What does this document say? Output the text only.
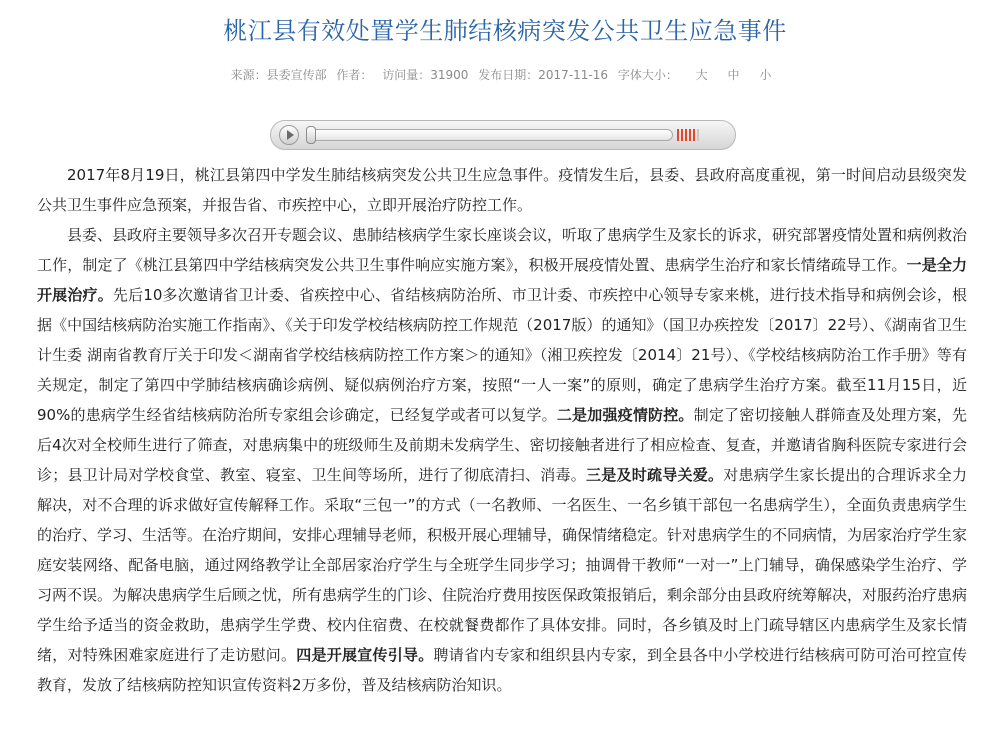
桃江县有效处置学生肺结核病突发公共卫生应急事件
来源：县委宣传部 作者： 访问量：31900 发布日期：2017-11-16 字体大小： 大 中 小

2017年8月19日，桃江县第四中学发生肺结核病突发公共卫生应急事件。疫情发生后，县委、县政府高度重视，第一时间启动县级突发公共卫生事件应急预案，并报告省、市疾控中心，立即开展治疗防控工作。

县委、县政府主要领导多次召开专题会议、患肺结核病学生家长座谈会议，听取了患病学生及家长的诉求，研究部署疫情处置和病例救治工作，制定了《桃江县第四中学结核病突发公共卫生事件响应实施方案》，积极开展疫情处置、患病学生治疗和家长情绪疏导工作。一是全力开展治疗。先后10多次邀请省卫计委、省疾控中心、省结核病防治所、市卫计委、市疾控中心领导专家来桃，进行技术指导和病例会诊，根据《中国结核病防治实施工作指南》、《关于印发学校结核病防控工作规范（2017版）的通知》（国卫办疾控发〔2017〕22号）、《湖南省卫生计生委 湖南省教育厅关于印发＜湖南省学校结核病防控工作方案＞的通知》（湘卫疾控发〔2014〕21号）、《学校结核病防治工作手册》等有关规定，制定了第四中学肺结核病确诊病例、疑似病例治疗方案，按照“一人一案”的原则，确定了患病学生治疗方案。截至11月15日，近90%的患病学生经省结核病防治所专家组会诊确定，已经复学或者可以复学。二是加强疫情防控。制定了密切接触人群筛查及处理方案，先后4次对全校师生进行了筛查，对患病集中的班级师生及前期未发病学生、密切接触者进行了相应检查、复查，并邀请省胸科医院专家进行会诊；县卫计局对学校食堂、教室、寝室、卫生间等场所，进行了彻底清扫、消毒。三是及时疏导关爱。对患病学生家长提出的合理诉求全力解决，对不合理的诉求做好宣传解释工作。采取“三包一”的方式（一名教师、一名医生、一名乡镇干部包一名患病学生），全面负责患病学生的治疗、学习、生活等。在治疗期间，安排心理辅导老师，积极开展心理辅导，确保情绪稳定。针对患病学生的不同病情，为居家治疗学生家庭安装网络、配备电脑，通过网络教学让全部居家治疗学生与全班学生同步学习；抽调骨干教师“一对一”上门辅导，确保感染学生治疗、学习两不误。为解决患病学生后顾之忧，所有患病学生的门诊、住院治疗费用按医保政策报销后，剩余部分由县政府统筹解决，对服药治疗患病学生给予适当的资金救助，患病学生学费、校内住宿费、在校就餐费都作了具体安排。同时，各乡镇及时上门疏导辖区内患病学生及家长情绪，对特殊困难家庭进行了走访慰问。四是开展宣传引导。聘请省内专家和组织县内专家，到全县各中小学校进行结核病可防可治可控宣传教育，发放了结核病防控知识宣传资料2万多份，普及结核病防治知识。
